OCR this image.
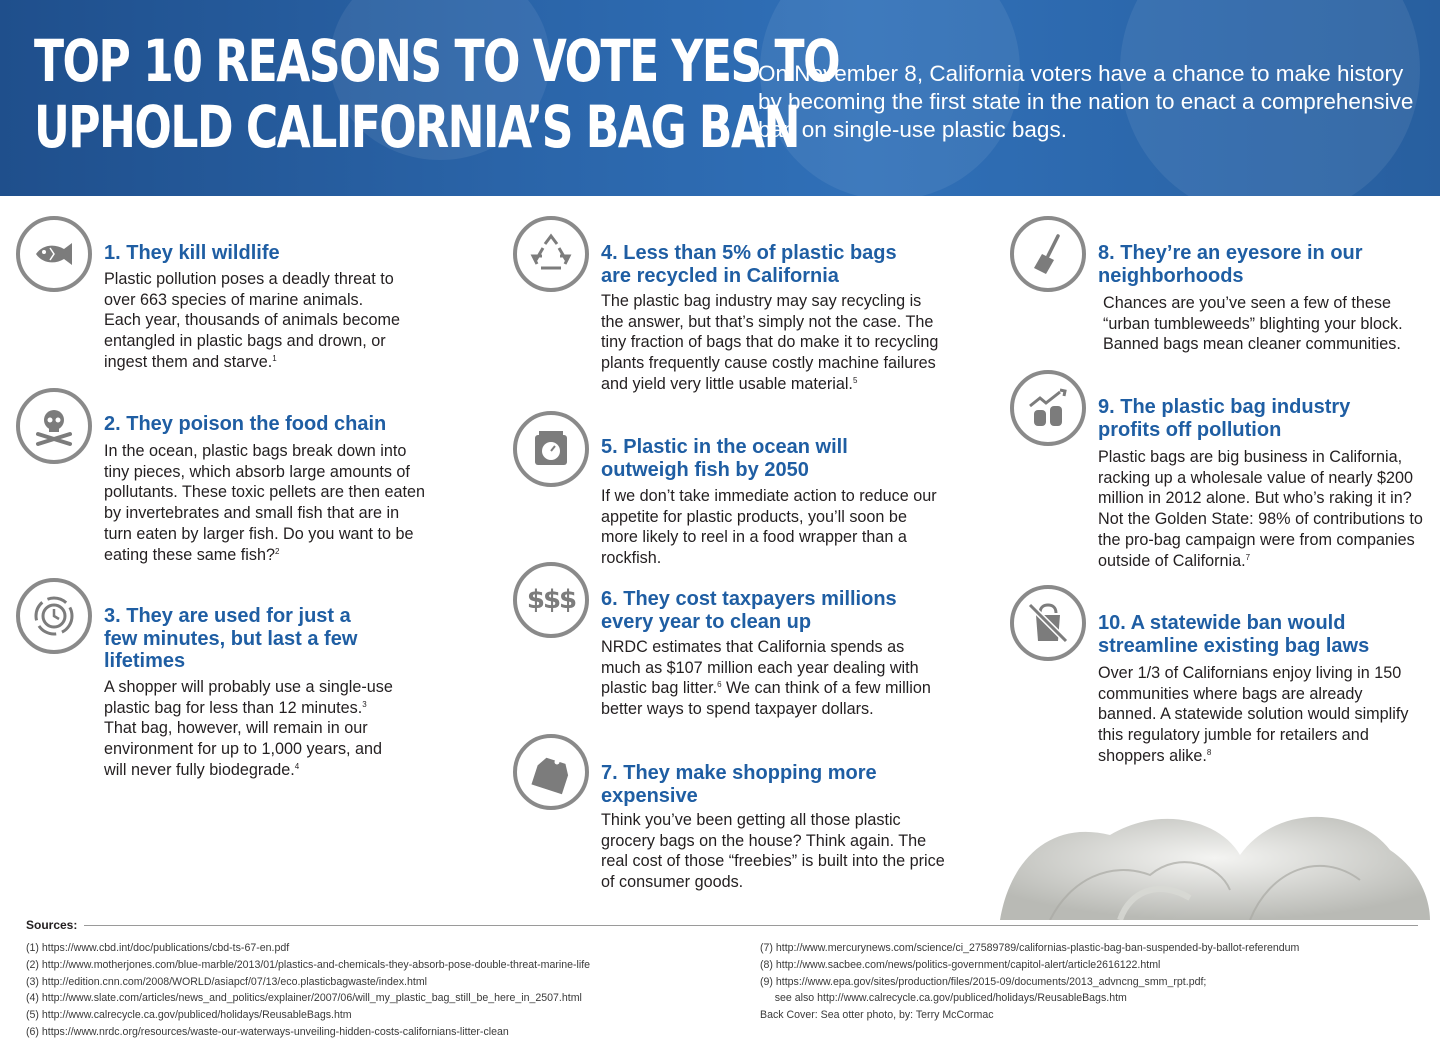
TOP 10 REASONS TO VOTE YES TO
UPHOLD CALIFORNIA’S BAG BAN
On November 8, California voters have a chance to make history by becoming the first state in the nation to enact a comprehensive ban on single-use plastic bags.
1. They kill wildlife
Plastic pollution poses a deadly threat to over 663 species of marine animals. Each year, thousands of animals become entangled in plastic bags and drown, or ingest them and starve.$^1$
2. They poison the food chain
In the ocean, plastic bags break down into tiny pieces, which absorb large amounts of pollutants. These toxic pellets are then eaten by invertebrates and small fish that are in turn eaten by larger fish. Do you want to be eating these same fish?$^2$
3. They are used for just a few minutes, but last a few lifetimes
A shopper will probably use a single-use plastic bag for less than 12 minutes.$^3$ That bag, however, will remain in our environment for up to 1,000 years, and will never fully biodegrade.$^4$
4. Less than 5% of plastic bags are recycled in California
The plastic bag industry may say recycling is the answer, but that’s simply not the case. The tiny fraction of bags that do make it to recycling plants frequently cause costly machine failures and yield very little usable material.$^5$
5. Plastic in the ocean will outweigh fish by 2050
If we don’t take immediate action to reduce our appetite for plastic products, you’ll soon be more likely to reel in a food wrapper than a rockfish.
$$$ 6. They cost taxpayers millions every year to clean up
NRDC estimates that California spends as much as $107 million each year dealing with plastic bag litter.$^6$ We can think of a few million better ways to spend taxpayer dollars.
7. They make shopping more expensive
Think you’ve been getting all those plastic grocery bags on the house? Think again. The real cost of those “freebies” is built into the price of consumer goods.
8. They’re an eyesore in our neighborhoods
Chances are you’ve seen a few of these “urban tumbleweeds” blighting your block. Banned bags mean cleaner communities.
9. The plastic bag industry profits off pollution
Plastic bags are big business in California, racking up a wholesale value of nearly $200 million in 2012 alone. But who’s raking it in? Not the Golden State: 98% of contributions to the pro-bag campaign were from companies outside of California.$^7$
10. A statewide ban would streamline existing bag laws
Over 1/3 of Californians enjoy living in 150 communities where bags are already banned. A statewide solution would simplify this regulatory jumble for retailers and shoppers alike.$^8$
Sources:
(1) https://www.cbd.int/doc/publications/cbd-ts-67-en.pdf
(2) http://www.motherjones.com/blue-marble/2013/01/plastics-and-chemicals-they-absorb-pose-double-threat-marine-life
(3) http://edition.cnn.com/2008/WORLD/asiapcf/07/13/eco.plasticbagwaste/index.html
(4) http://www.slate.com/articles/news_and_politics/explainer/2007/06/will_my_plastic_bag_still_be_here_in_2507.html
(5) http://www.calrecycle.ca.gov/publiced/holidays/ReusableBags.htm
(6) https://www.nrdc.org/resources/waste-our-waterways-unveiling-hidden-costs-californians-litter-clean
(7) http://www.mercurynews.com/science/ci_27589789/californias-plastic-bag-ban-suspended-by-ballot-referendum
(8) http://www.sacbee.com/news/politics-government/capitol-alert/article2616122.html
(9) https://www.epa.gov/sites/production/files/2015-09/documents/2013_advncng_smm_rpt.pdf;
see also http://www.calrecycle.ca.gov/publiced/holidays/ReusableBags.htm
Back Cover: Sea otter photo, by: Terry McCormac
